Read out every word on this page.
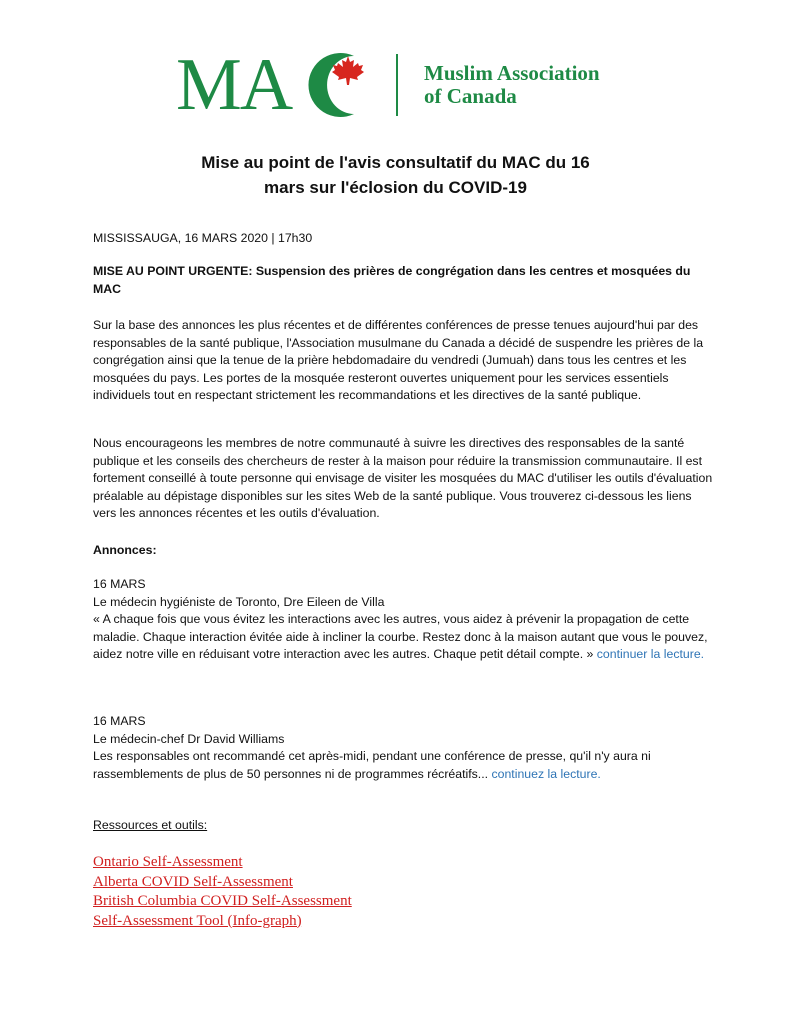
MA	Muslim Association
of Canada
Mise au point de l'avis consultatif du MAC du 16
mars sur l'éclosion du COVID-19
MISSISSAUGA, 16 MARS 2020 | 17h30
MISE AU POINT URGENTE: Suspension des prières de congrégation dans les centres et mosquées du MAC
Sur la base des annonces les plus récentes et de différentes conférences de presse tenues aujourd'hui par des responsables de la santé publique, l'Association musulmane du Canada a décidé de suspendre les prières de la congrégation ainsi que la tenue de la prière hebdomadaire du vendredi (Jumuah) dans tous les centres et les mosquées du pays. Les portes de la mosquée resteront ouvertes uniquement pour les services essentiels individuels tout en respectant strictement les recommandations et les directives de la santé publique.
Nous encourageons les membres de notre communauté à suivre les directives des responsables de la santé publique et les conseils des chercheurs de rester à la maison pour réduire la transmission communautaire. Il est fortement conseillé à toute personne qui envisage de visiter les mosquées du MAC d'utiliser les outils d'évaluation préalable au dépistage disponibles sur les sites Web de la santé publique. Vous trouverez ci-dessous les liens vers les annonces récentes et les outils d'évaluation.
Annonces:
16 MARS
Le médecin hygiéniste de Toronto, Dre Eileen de Villa
« A chaque fois que vous évitez les interactions avec les autres, vous aidez à prévenir la propagation de cette maladie. Chaque interaction évitée aide à incliner la courbe. Restez donc à la maison autant que vous le pouvez, aidez notre ville en réduisant votre interaction avec les autres. Chaque petit détail compte. » continuer la lecture.
16 MARS
Le médecin-chef Dr David Williams
Les responsables ont recommandé cet après-midi, pendant une conférence de presse, qu'il n'y aura ni rassemblements de plus de 50 personnes ni de programmes récréatifs... continuez la lecture.
Ressources et outils:
Ontario Self-Assessment
Alberta COVID Self-Assessment
British Columbia COVID Self-Assessment
Self-Assessment Tool (Info-graph)
